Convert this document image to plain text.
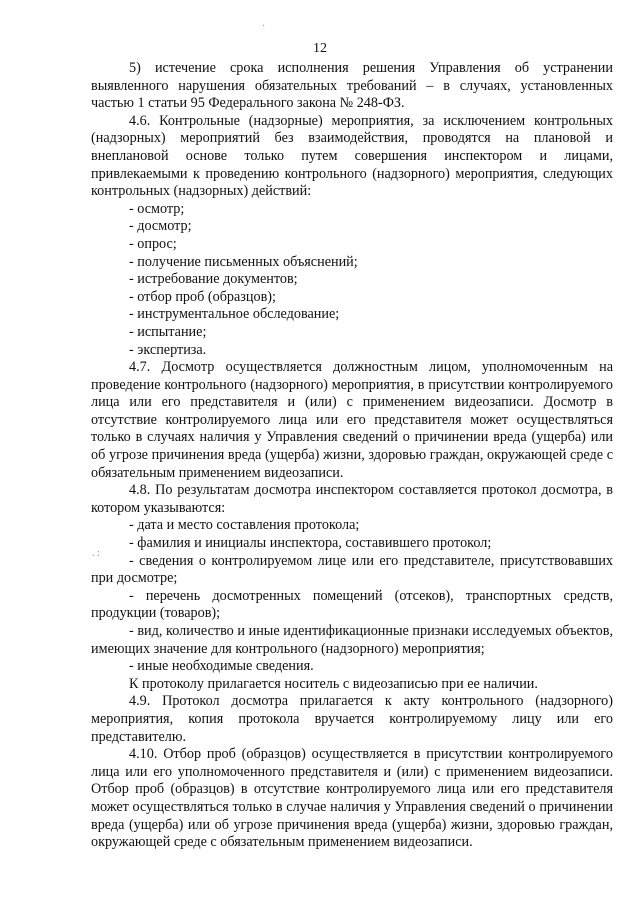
12
·
. :

5) истечение срока исполнения решения Управления об устранении выявленного нарушения обязательных требований – в случаях, установленных частью 1 статьи 95 Федерального закона № 248-ФЗ.

4.6. Контрольные (надзорные) мероприятия, за исключением контрольных (надзорных) мероприятий без взаимодействия, проводятся на плановой и внеплановой основе только путем совершения инспектором и лицами, привлекаемыми к проведению контрольного (надзорного) мероприятия, следующих контрольных (надзорных) действий:

- осмотр;

- досмотр;

- опрос;

- получение письменных объяснений;

- истребование документов;

- отбор проб (образцов);

- инструментальное обследование;

- испытание;

- экспертиза.

4.7. Досмотр осуществляется должностным лицом, уполномоченным на проведение контрольного (надзорного) мероприятия, в присутствии контролируемого лица или его представителя и (или) с применением видеозаписи. Досмотр в отсутствие контролируемого лица или его представителя может осуществляться только в случаях наличия у Управления сведений о причинении вреда (ущерба) или об угрозе причинения вреда (ущерба) жизни, здоровью граждан, окружающей среде с обязательным применением видеозаписи.

4.8. По результатам досмотра инспектором составляется протокол досмотра, в котором указываются:

- дата и место составления протокола;

- фамилия и инициалы инспектора, составившего протокол;

- сведения о контролируемом лице или его представителе, присутствовавших при досмотре;

- перечень досмотренных помещений (отсеков), транспортных средств, продукции (товаров);

- вид, количество и иные идентификационные признаки исследуемых объектов, имеющих значение для контрольного (надзорного) мероприятия;

- иные необходимые сведения.

К протоколу прилагается носитель с видеозаписью при ее наличии.

4.9. Протокол досмотра прилагается к акту контрольного (надзорного) мероприятия, копия протокола вручается контролируемому лицу или его представителю.

4.10. Отбор проб (образцов) осуществляется в присутствии контролируемого лица или его уполномоченного представителя и (или) с применением видеозаписи. Отбор проб (образцов) в отсутствие контролируемого лица или его представителя может осуществляться только в случае наличия у Управления сведений о причинении вреда (ущерба) или об угрозе причинения вреда (ущерба) жизни, здоровью граждан, окружающей среде с обязательным применением видеозаписи.
